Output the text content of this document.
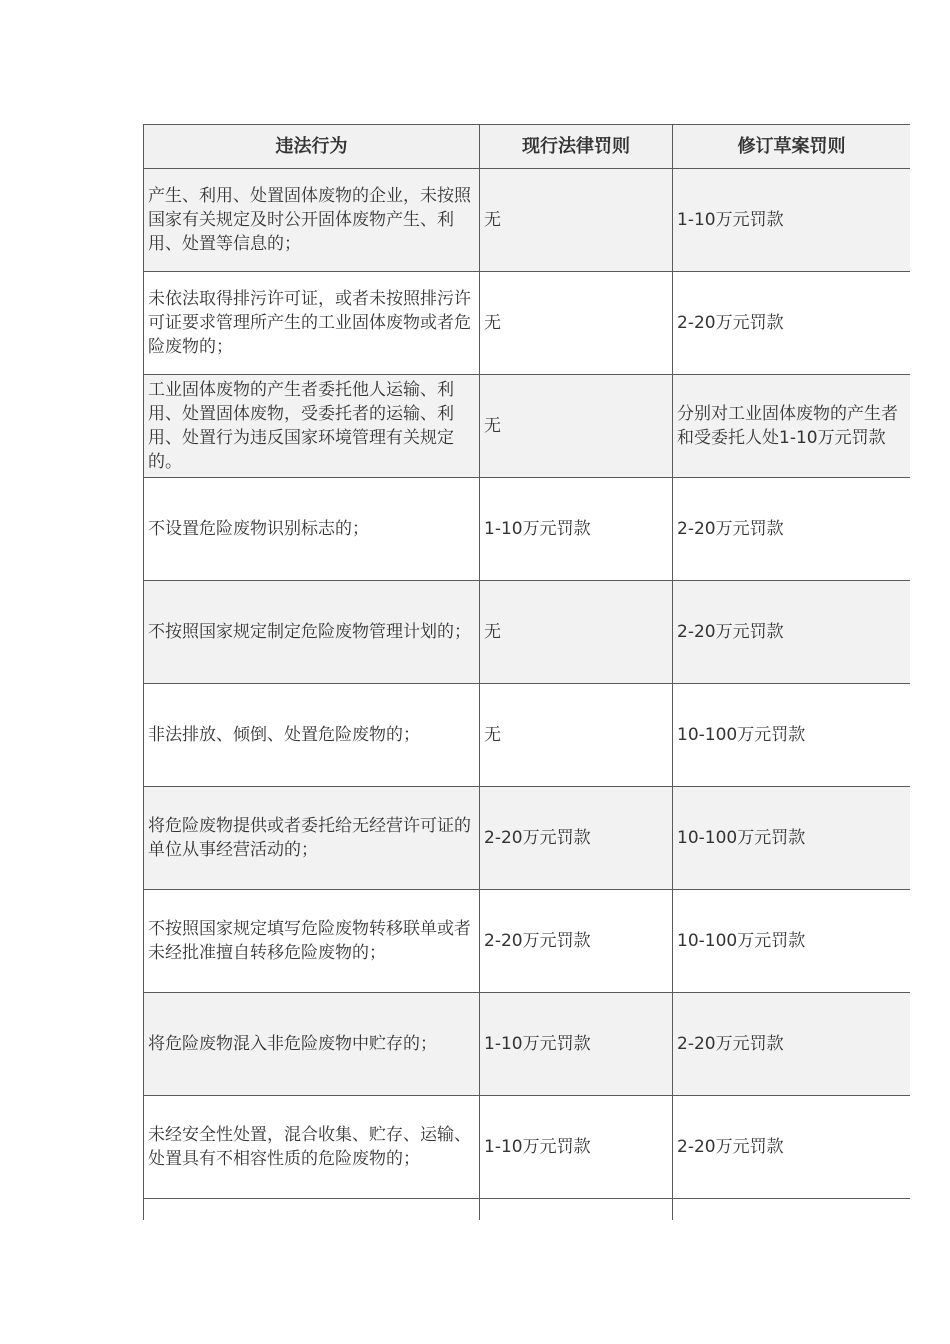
违法行为	现行法律罚则	修订草案罚则
产生、利用、处置固体废物的企业，未按照国家有关规定及时公开固体废物产生、利用、处置等信息的；	无	1-10万元罚款
未依法取得排污许可证，或者未按照排污许可证要求管理所产生的工业固体废物或者危险废物的；	无	2-20万元罚款
工业固体废物的产生者委托他人运输、利用、处置固体废物，受委托者的运输、利用、处置行为违反国家环境管理有关规定的。	无	分别对工业固体废物的产生者和受委托人处1-10万元罚款
不设置危险废物识别标志的；	1-10万元罚款	2-20万元罚款
不按照国家规定制定危险废物管理计划的；	无	2-20万元罚款
非法排放、倾倒、处置危险废物的；	无	10-100万元罚款
将危险废物提供或者委托给无经营许可证的单位从事经营活动的；	2-20万元罚款	10-100万元罚款
不按照国家规定填写危险废物转移联单或者未经批准擅自转移危险废物的；	2-20万元罚款	10-100万元罚款
将危险废物混入非危险废物中贮存的；	1-10万元罚款	2-20万元罚款
未经安全性处置，混合收集、贮存、运输、处置具有不相容性质的危险废物的；	1-10万元罚款	2-20万元罚款
